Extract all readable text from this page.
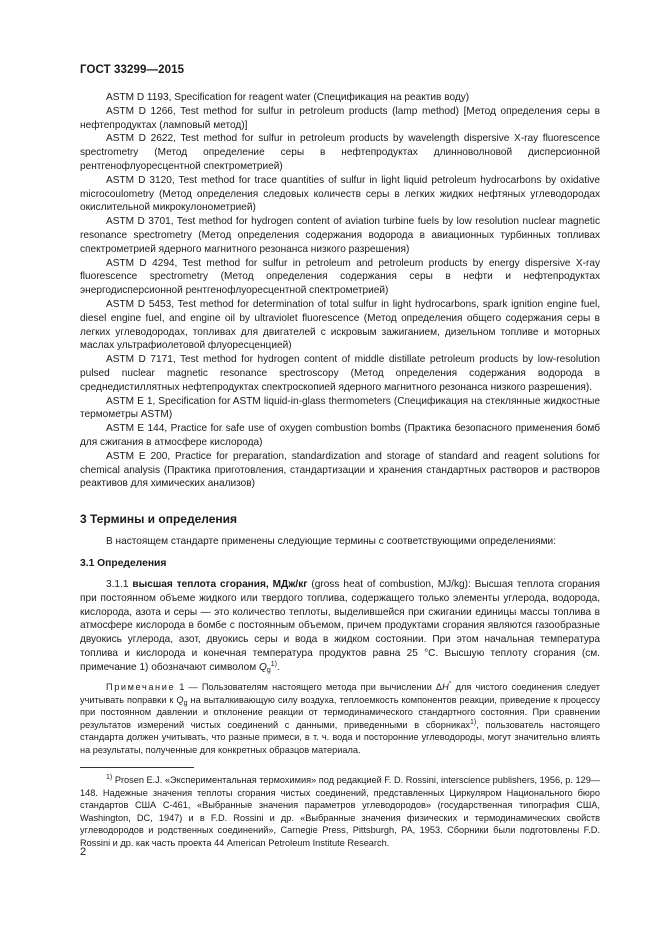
ГОСТ 33299—2015

ASTM D 1193, Specification for reagent water (Спецификация на реактив воду)

ASTM D 1266, Test method for sulfur in petroleum products (lamp method) [Метод определения серы в нефтепродуктах (ламповый метод)]

ASTM D 2622, Test method for sulfur in petroleum products by wavelength dispersive X-ray fluorescence spectrometry (Метод определение серы в нефтепродуктах длинноволновой дисперсионной рентгенофлуоресцентной спектрометрией)

ASTM D 3120, Test method for trace quantities of sulfur in light liquid petroleum hydrocarbons by oxidative microcoulometry (Метод определения следовых количеств серы в легких жидких нефтяных углеводородах окислительной микрокулонометрией)

ASTM D 3701, Test method for hydrogen content of aviation turbine fuels by low resolution nuclear magnetic resonance spectrometry (Метод определения содержания водорода в авиационных турбинных топливах спектрометрией ядерного магнитного резонанса низкого разрешения)

ASTM D 4294, Test method for sulfur in petroleum and petroleum products by energy dispersive X-ray fluorescence spectrometry (Метод определения содержания серы в нефти и нефтепродуктах энергодисперсионной рентгенофлуоресцентной спектрометрией)

ASTM D 5453, Test method for determination of total sulfur in light hydrocarbons, spark ignition engine fuel, diesel engine fuel, and engine oil by ultraviolet fluorescence (Метод определения общего содержания серы в легких углеводородах, топливах для двигателей с искровым зажиганием, дизельном топливе и моторных маслах ультрафиолетовой флуоресценцией)

ASTM D 7171, Test method for hydrogen content of middle distillate petroleum products by low-resolution pulsed nuclear magnetic resonance spectroscopy (Метод определения содержания водорода в среднедистиллятных нефтепродуктах спектроскопией ядерного магнитного резонанса низкого разрешения).

ASTM E 1, Specification for ASTM liquid-in-glass thermometers (Спецификация на стеклянные жидкостные термометры ASTM)

ASTM E 144, Practice for safe use of oxygen combustion bombs (Практика безопасного применения бомб для сжигания в атмосфере кислорода)

ASTM E 200, Practice for preparation, standardization and storage of standard and reagent solutions for chemical analysis (Практика приготовления, стандартизации и хранения стандартных растворов и растворов реактивов для химических анализов)

3 Термины и определения

В настоящем стандарте применены следующие термины с соответствующими определениями:

3.1 Определения

3.1.1 высшая теплота сгорания, МДж/кг (gross heat of combustion, MJ/kg): Высшая теплота сгорания при постоянном объеме жидкого или твердого топлива, содержащего только элементы углерода, водорода, кислорода, азота и серы — это количество теплоты, выделившейся при сжигании единицы массы топлива в атмосфере кислорода в бомбе с постоянным объемом, причем продуктами сгорания являются газообразные двуокись углерода, азот, двуокись серы и вода в жидком состоянии. При этом начальная температура топлива и кислорода и конечная температура продуктов равна 25 °С. Высшую теплоту сгорания (см. примечание 1) обозначают символом $Q_g^{1)}$.

Примечание 1 — Пользователям настоящего метода при вычислении ΔH° для чистого соединения следует учитывать поправки к $Q_g$ на выталкивающую силу воздуха, теплоемкость компонентов реакции, приведение к процессу при постоянном давлении и отклонение реакции от термодинамического стандартного состояния. При сравнении результатов измерений чистых соединений с данными, приведенными в сборниках$^{1)}$, пользователь настоящего стандарта должен учитывать, что разные примеси, в т. ч. вода и посторонние углеводороды, могут значительно влиять на результаты, полученные для конкретных образцов материала.

$^{1)}$ Prosen E.J. «Экспериментальная термохимия» под редакцией F. D. Rossini, interscience publishers, 1956, p. 129—148. Надежные значения теплоты сгорания чистых соединений, представленных Циркуляром Национального бюро стандартов США С-461, «Выбранные значения параметров углеводородов» (государственная типография США, Washington, DC, 1947) и в F.D. Rossini и др. «Выбранные значения физических и термодинамических свойств углеводородов и родственных соединений», Carnegie Press, Pittsburgh, PA, 1953. Сборники были подготовлены F.D. Rossini и др. как часть проекта 44 American Petroleum Institute Research.

2
